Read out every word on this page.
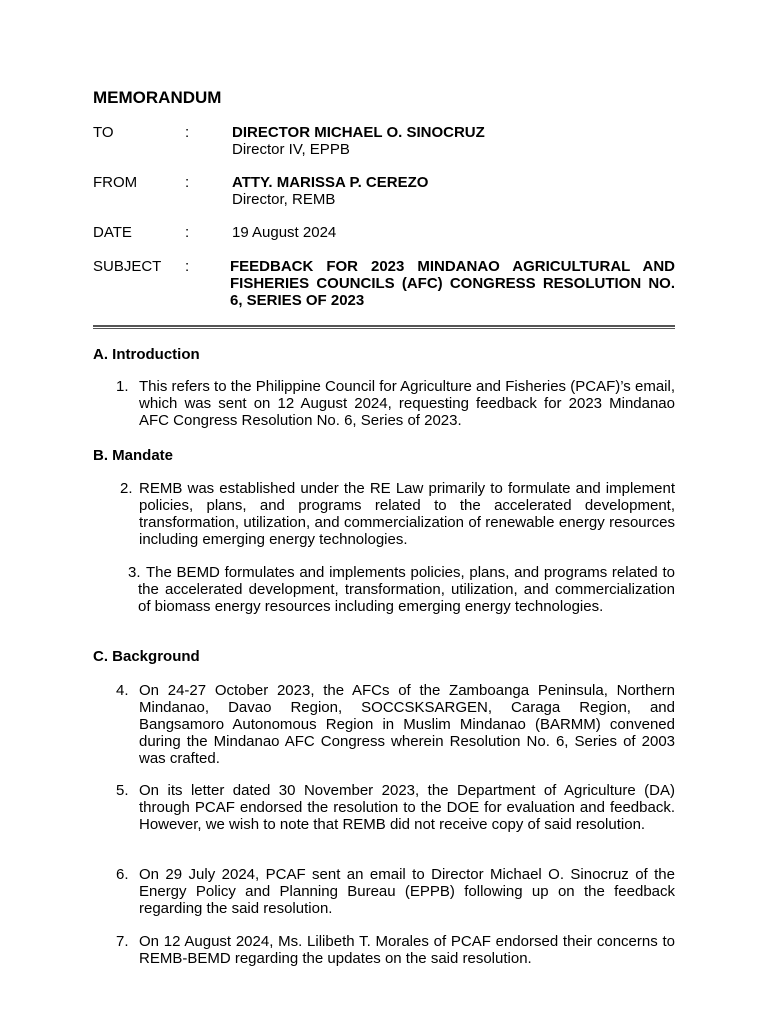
MEMORANDUM
TO	:	DIRECTOR MICHAEL O. SINOCRUZ
Director IV, EPPB
FROM	:	ATTY. MARISSA P. CEREZO
Director, REMB
DATE	:	19 August 2024
SUBJECT	:	FEEDBACK FOR 2023 MINDANAO AGRICULTURAL AND FISHERIES COUNCILS (AFC) CONGRESS RESOLUTION NO. 6, SERIES OF 2023
A. Introduction
1. This refers to the Philippine Council for Agriculture and Fisheries (PCAF)’s email, which was sent on 12 August 2024, requesting feedback for 2023 Mindanao AFC Congress Resolution No. 6, Series of 2023.
B. Mandate
2. REMB was established under the RE Law primarily to formulate and implement policies, plans, and programs related to the accelerated development, transformation, utilization, and commercialization of renewable energy resources including emerging energy technologies.
3. The BEMD formulates and implements policies, plans, and programs related to the accelerated development, transformation, utilization, and commercialization of biomass energy resources including emerging energy technologies.
C. Background
4. On 24-27 October 2023, the AFCs of the Zamboanga Peninsula, Northern Mindanao, Davao Region, SOCCSKSARGEN, Caraga Region, and Bangsamoro Autonomous Region in Muslim Mindanao (BARMM) convened during the Mindanao AFC Congress wherein Resolution No. 6, Series of 2003 was crafted.
5. On its letter dated 30 November 2023, the Department of Agriculture (DA) through PCAF endorsed the resolution to the DOE for evaluation and feedback. However, we wish to note that REMB did not receive copy of said resolution.
6. On 29 July 2024, PCAF sent an email to Director Michael O. Sinocruz of the Energy Policy and Planning Bureau (EPPB) following up on the feedback regarding the said resolution.
7. On 12 August 2024, Ms. Lilibeth T. Morales of PCAF endorsed their concerns to REMB-BEMD regarding the updates on the said resolution.
